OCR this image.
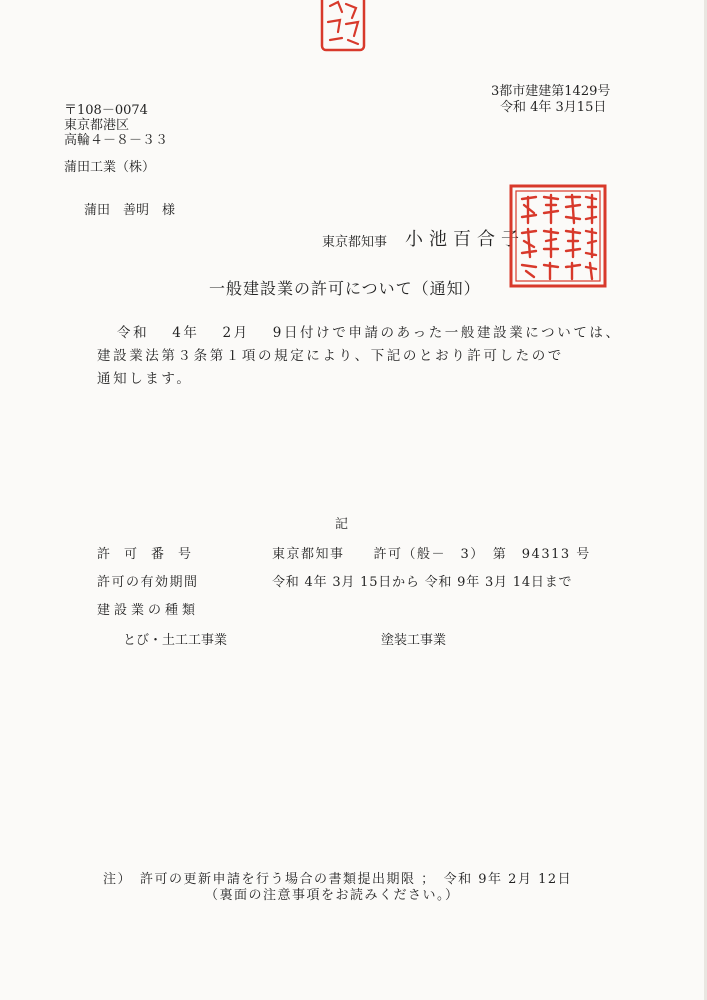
3都市建建第1429号
令和 4年 3月15日
〒108－0074
東京都港区
高輪４－８－３３
蒲田工業（株）
蒲田　善明　様
東京都知事 小池百合子
一般建設業の許可について（通知）
令和　 4年　 2月　 9日付けで申請のあった一般建設業については、
建設業法第３条第１項の規定により、下記のとおり許可したので
通知します。
記
許可番号	東京都知事　　許可（般－　3）　第　94313 号
許可の有効期間	令和 4年 3月 15日から 令和 9年 3月 14日まで
建設業の種類
とび・土工工事業	塗装工事業
注）　許可の更新申請を行う場合の書類提出期限 ；　令和 9年 2月 12日
（裏面の注意事項をお読みください。）
